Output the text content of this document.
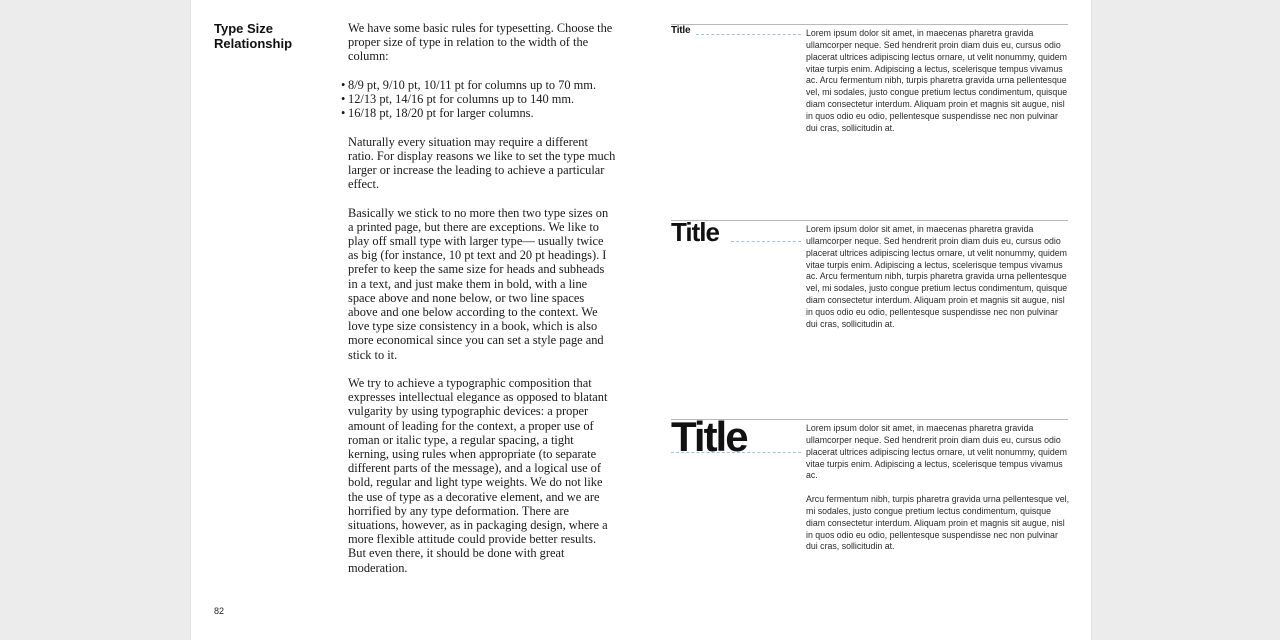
Type Size
Relationship

We have some basic rules for typesetting. Choose the proper size of type in relation to the width of the column:

• 8/9 pt, 9/10 pt, 10/11 pt for columns up to 70 mm.
• 12/13 pt, 14/16 pt for columns up to 140 mm.
• 16/18 pt, 18/20 pt for larger columns.

Naturally every situation may require a different ratio. For display reasons we like to set the type much larger or increase the leading to achieve a particular effect.

Basically we stick to no more then two type sizes on a printed page, but there are exceptions. We like to play off small type with larger type— usually twice as big (for instance, 10 pt text and 20 pt headings). I prefer to keep the same size for heads and subheads in a text, and just make them in bold, with a line space above and none below, or two line spaces above and one below according to the context. We love type size consistency in a book, which is also more economical since you can set a style page and stick to it.

We try to achieve a typographic composition that expresses intellectual elegance as opposed to blatant vulgarity by using typographic devices: a proper amount of leading for the context, a proper use of roman or italic type, a regular spacing, a tight kerning, using rules when appropriate (to separate different parts of the message), and a logical use of bold, regular and light type weights. We do not like the use of type as a decorative element, and we are horrified by any type deformation. There are situations, however, as in packaging design, where a more flexible attitude could provide better results. But even there, it should be done with great moderation.

82
Title	Lorem ipsum dolor sit amet, in maecenas pharetra gravida ullamcorper neque. Sed hendrerit proin diam duis eu, cursus odio placerat ultrices adipiscing lectus ornare, ut velit nonummy, quidem vitae turpis enim. Adipiscing a lectus, scelerisque tempus vivamus ac. Arcu fermentum nibh, turpis pharetra gravida urna pellentesque vel, mi sodales, justo congue pretium lectus condimentum, quisque diam consectetur interdum. Aliquam proin et magnis sit augue, nisl in quos odio eu odio, pellentesque suspendisse nec non pulvinar dui cras, sollicitudin at.

Title	Lorem ipsum dolor sit amet, in maecenas pharetra gravida ullamcorper neque. Sed hendrerit proin diam duis eu, cursus odio placerat ultrices adipiscing lectus ornare, ut velit nonummy, quidem vitae turpis enim. Adipiscing a lectus, scelerisque tempus vivamus ac. Arcu fermentum nibh, turpis pharetra gravida urna pellentesque vel, mi sodales, justo congue pretium lectus condimentum, quisque diam consectetur interdum. Aliquam proin et magnis sit augue, nisl in quos odio eu odio, pellentesque suspendisse nec non pulvinar dui cras, sollicitudin at.

Title	Lorem ipsum dolor sit amet, in maecenas pharetra gravida ullamcorper neque. Sed hendrerit proin diam duis eu, cursus odio placerat ultrices adipiscing lectus ornare, ut velit nonummy, quidem vitae turpis enim. Adipiscing a lectus, scelerisque tempus vivamus ac.

Arcu fermentum nibh, turpis pharetra gravida urna pellentesque vel, mi sodales, justo congue pretium lectus condimentum, quisque diam consectetur interdum. Aliquam proin et magnis sit augue, nisl in quos odio eu odio, pellentesque suspendisse nec non pulvinar dui cras, sollicitudin at.
